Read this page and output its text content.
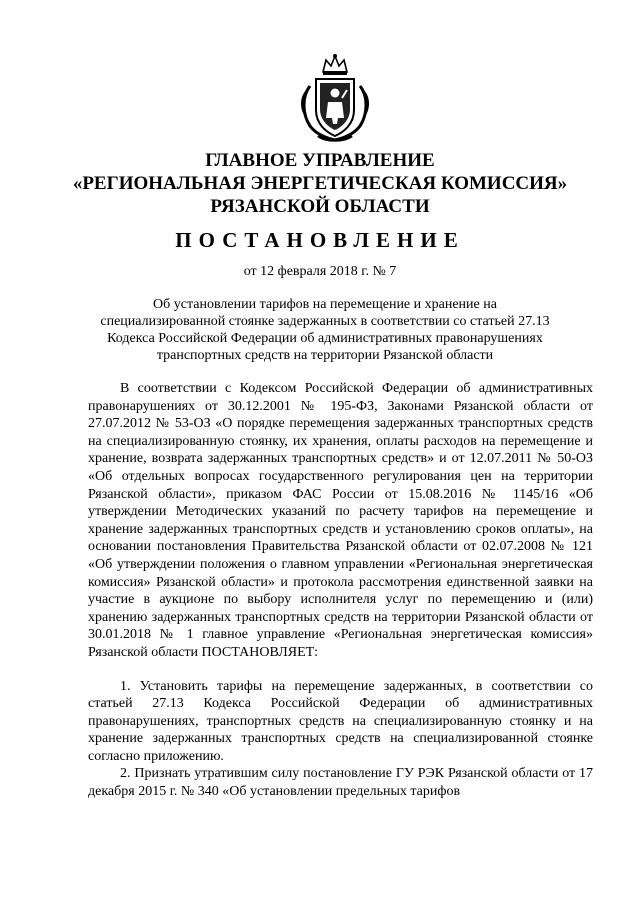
ГЛАВНОЕ УПРАВЛЕНИЕ
«РЕГИОНАЛЬНАЯ ЭНЕРГЕТИЧЕСКАЯ КОМИССИЯ»
РЯЗАНСКОЙ ОБЛАСТИ
ПОСТАНОВЛЕНИЕ
от 12 февраля 2018 г. № 7
Об установлении тарифов на перемещение и хранение на специализированной стоянке задержанных в соответствии со статьей 27.13 Кодекса Российской Федерации об административных правонарушениях транспортных средств на территории Рязанской области

В соответствии с Кодексом Российской Федерации об административных правонарушениях от 30.12.2001 № 195-ФЗ, Законами Рязанской области от 27.07.2012 № 53-ОЗ «О порядке перемещения задержанных транспортных средств на специализированную стоянку, их хранения, оплаты расходов на перемещение и хранение, возврата задержанных транспортных средств» и от 12.07.2011 № 50-ОЗ «Об отдельных вопросах государственного регулирования цен на территории Рязанской области», приказом ФАС России от 15.08.2016 № 1145/16 «Об утверждении Методических указаний по расчету тарифов на перемещение и хранение задержанных транспортных средств и установлению сроков оплаты», на основании постановления Правительства Рязанской области от 02.07.2008 № 121 «Об утверждении положения о главном управлении «Региональная энергетическая комиссия» Рязанской области» и протокола рассмотрения единственной заявки на участие в аукционе по выбору исполнителя услуг по перемещению и (или) хранению задержанных транспортных средств на территории Рязанской области от 30.01.2018 № 1 главное управление «Региональная энергетическая комиссия» Рязанской области ПОСТАНОВЛЯЕТ:

1. Установить тарифы на перемещение задержанных, в соответствии со статьей 27.13 Кодекса Российской Федерации об административных правонарушениях, транспортных средств на специализированную стоянку и на хранение задержанных транспортных средств на специализированной стоянке согласно приложению.

2. Признать утратившим силу постановление ГУ РЭК Рязанской области от 17 декабря 2015 г. № 340 «Об установлении предельных тарифов
